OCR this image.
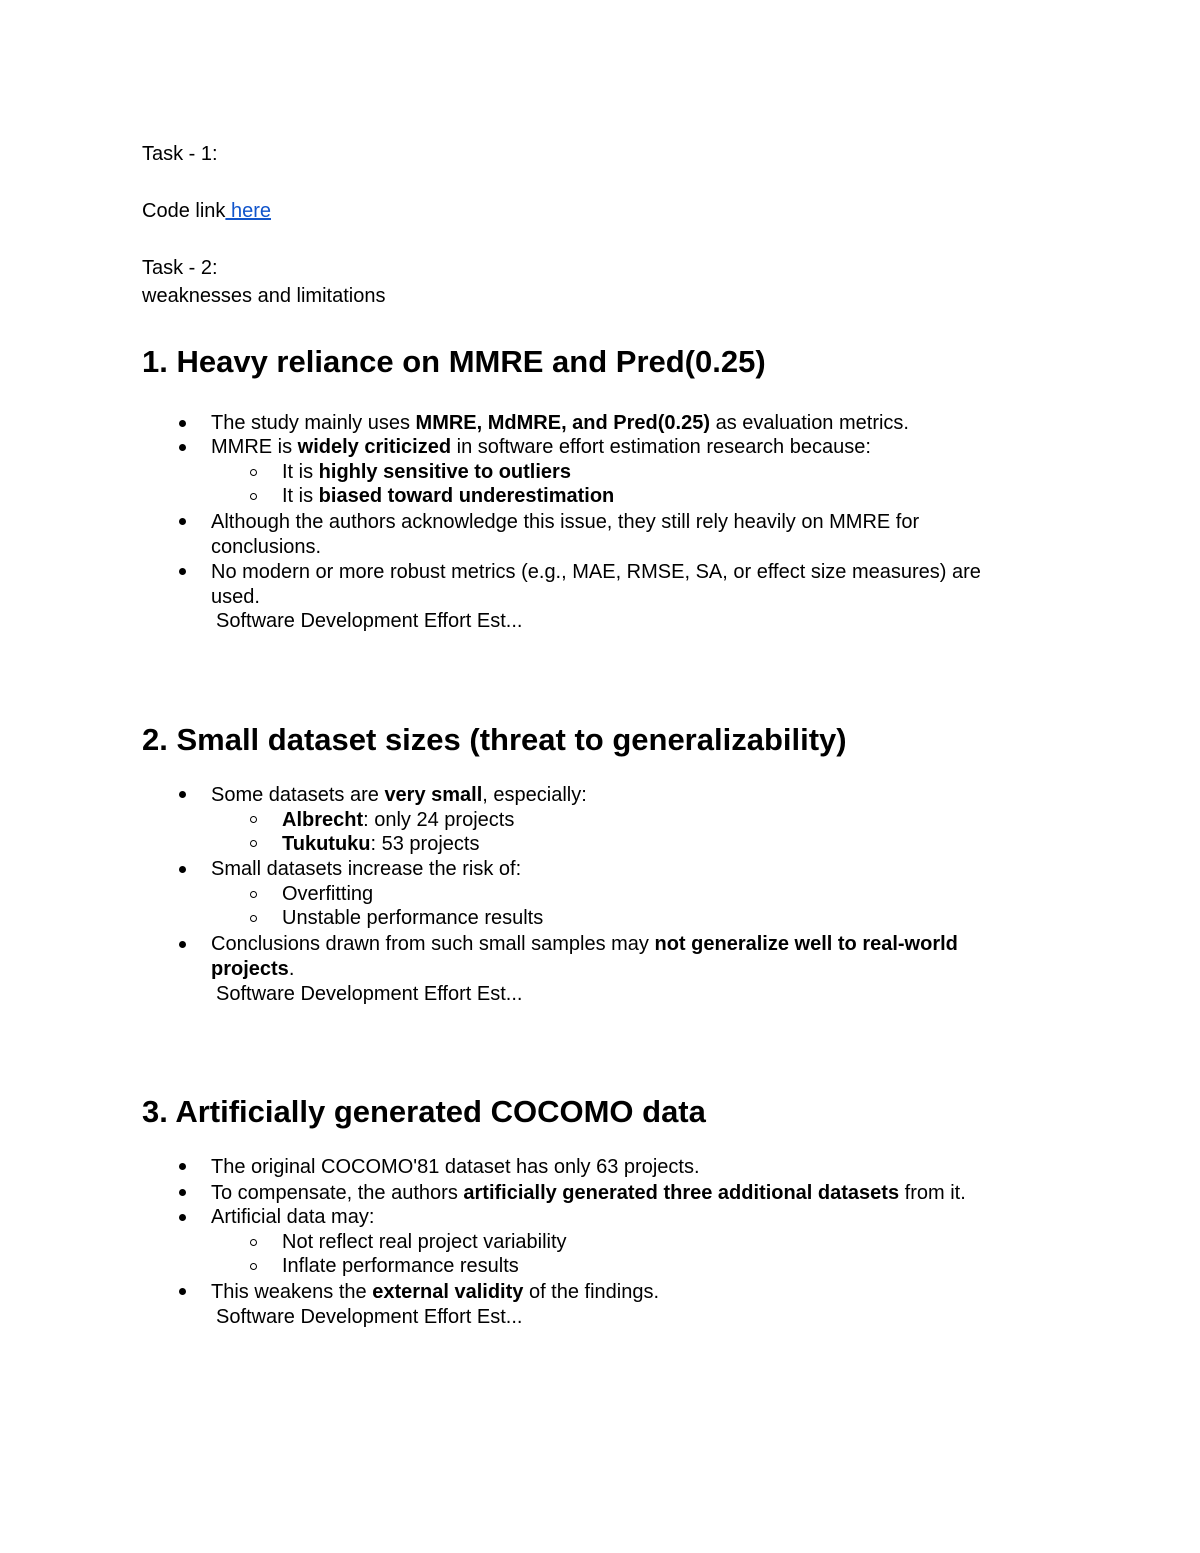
Task - 1:
Code link here
Task - 2:
weaknesses and limitations
1. Heavy reliance on MMRE and Pred(0.25)
The study mainly uses MMRE, MdMRE, and Pred(0.25) as evaluation metrics.
MMRE is widely criticized in software effort estimation research because:
It is highly sensitive to outliers
It is biased toward underestimation
Although the authors acknowledge this issue, they still rely heavily on MMRE for
conclusions.
No modern or more robust metrics (e.g., MAE, RMSE, SA, or effect size measures) are
used.
Software Development Effort Est...
2. Small dataset sizes (threat to generalizability)
Some datasets are very small, especially:
Albrecht: only 24 projects
Tukutuku: 53 projects
Small datasets increase the risk of:
Overfitting
Unstable performance results
Conclusions drawn from such small samples may not generalize well to real-world
projects.
Software Development Effort Est...
3. Artificially generated COCOMO data
The original COCOMO'81 dataset has only 63 projects.
To compensate, the authors artificially generated three additional datasets from it.
Artificial data may:
Not reflect real project variability
Inflate performance results
This weakens the external validity of the findings.
Software Development Effort Est...
